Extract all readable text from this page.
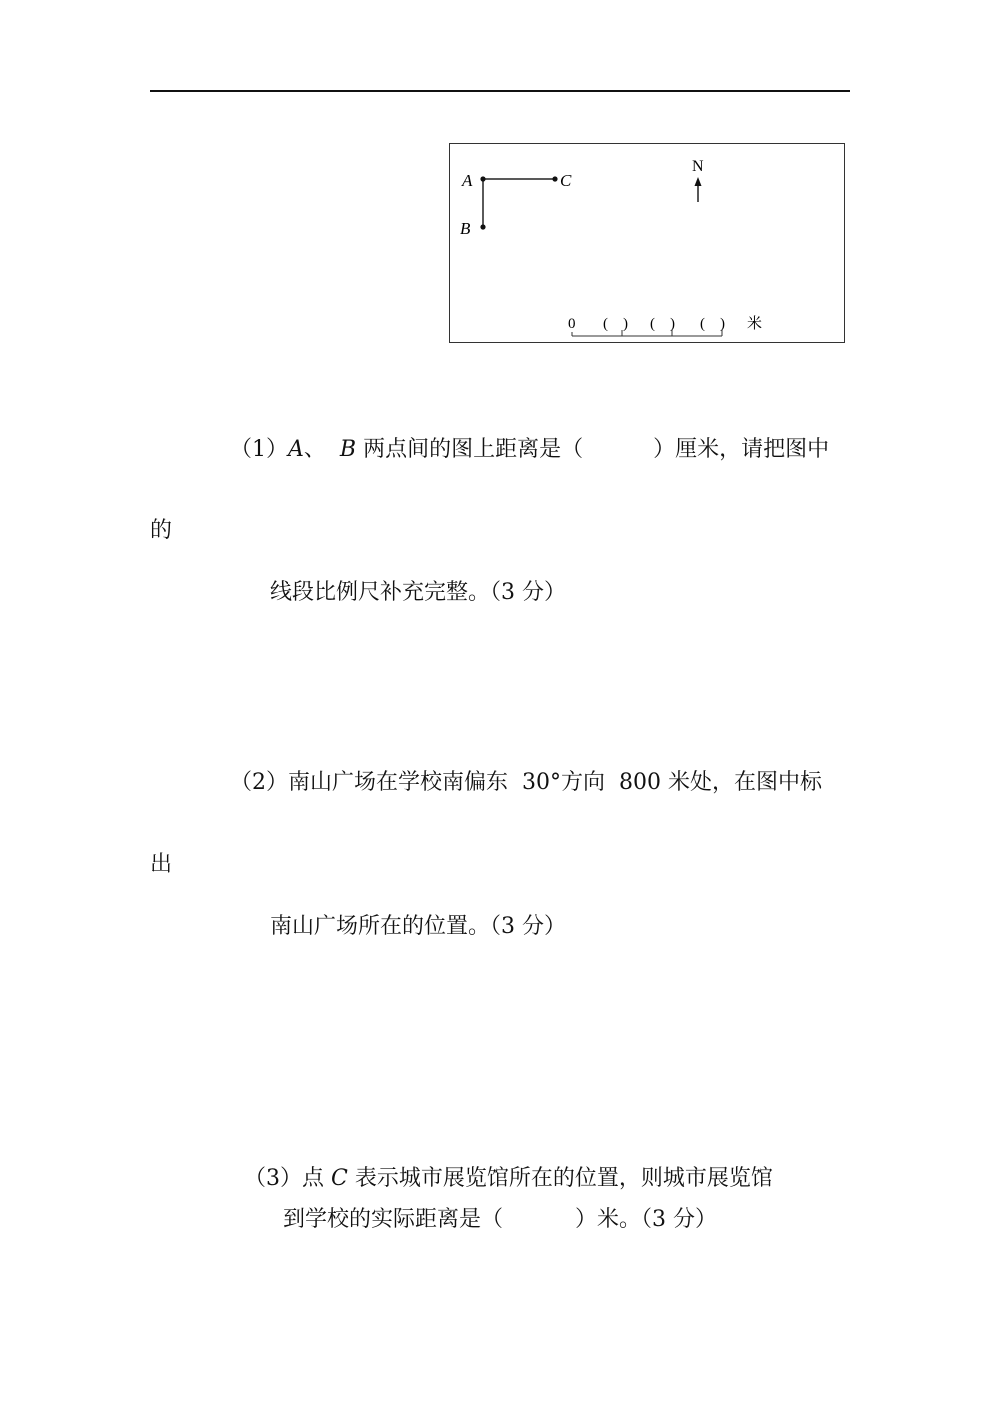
A	C
B
N
0 (    ) (    ) (    ) 米
（1）A、 B 两点间的图上距离是（	）厘米，请把图中
的
线段比例尺补充完整。（3 分）
（2）南山广场在学校南偏东  30°方向  800 米处，在图中标
出
南山广场所在的位置。（3 分）

（3）点 C 表示城市展览馆所在的位置，则城市展览馆

到学校的实际距离是（	）米。（3 分）
